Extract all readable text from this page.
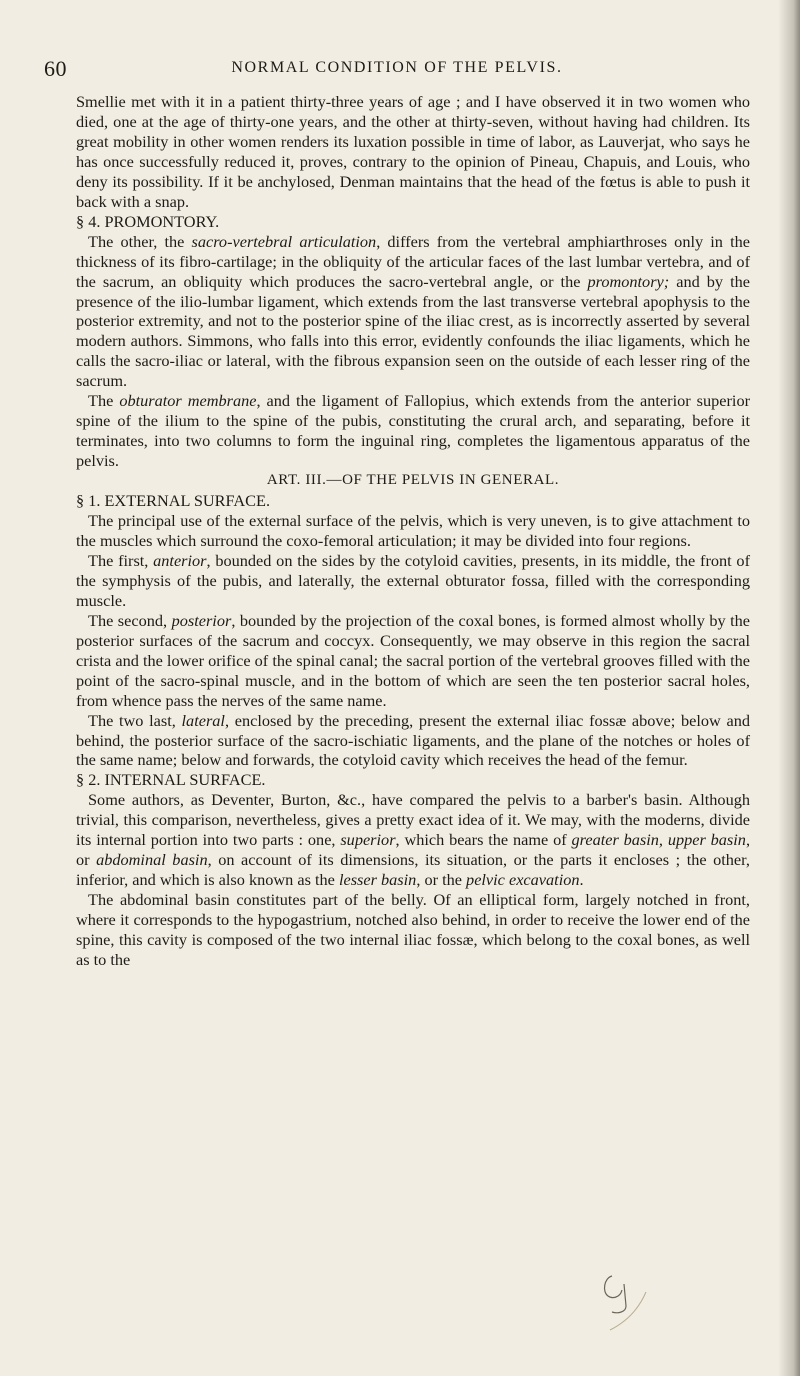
60	NORMAL CONDITION OF THE PELVIS.

Smellie met with it in a patient thirty-three years of age ; and I have observed it in two women who died, one at the age of thirty-one years, and the other at thirty-seven, without having had children. Its great mobility in other women renders its luxation possible in time of labor, as Lauverjat, who says he has once successfully reduced it, proves, contrary to the opinion of Pineau, Chapuis, and Louis, who deny its possibility. If it be anchylosed, Denman maintains that the head of the fœtus is able to push it back with a snap.

§ 4. PROMONTORY.

The other, the sacro-vertebral articulation, differs from the vertebral amphiarthroses only in the thickness of its fibro-cartilage; in the obliquity of the articular faces of the last lumbar vertebra, and of the sacrum, an obliquity which produces the sacro-vertebral angle, or the promontory; and by the presence of the ilio-lumbar ligament, which extends from the last transverse vertebral apophysis to the posterior extremity, and not to the posterior spine of the iliac crest, as is incorrectly asserted by several modern authors. Simmons, who falls into this error, evidently confounds the iliac ligaments, which he calls the sacro-iliac or lateral, with the fibrous expansion seen on the outside of each lesser ring of the sacrum.

The obturator membrane, and the ligament of Fallopius, which extends from the anterior superior spine of the ilium to the spine of the pubis, constituting the crural arch, and separating, before it terminates, into two columns to form the inguinal ring, completes the ligamentous apparatus of the pelvis.

ART. III.—OF THE PELVIS IN GENERAL.

§ 1. EXTERNAL SURFACE.

The principal use of the external surface of the pelvis, which is very uneven, is to give attachment to the muscles which surround the coxo-femoral articulation; it may be divided into four regions.

The first, anterior, bounded on the sides by the cotyloid cavities, presents, in its middle, the front of the symphysis of the pubis, and laterally, the external obturator fossa, filled with the corresponding muscle.

The second, posterior, bounded by the projection of the coxal bones, is formed almost wholly by the posterior surfaces of the sacrum and coccyx. Consequently, we may observe in this region the sacral crista and the lower orifice of the spinal canal; the sacral portion of the vertebral grooves filled with the point of the sacro-spinal muscle, and in the bottom of which are seen the ten posterior sacral holes, from whence pass the nerves of the same name.

The two last, lateral, enclosed by the preceding, present the external iliac fossæ above; below and behind, the posterior surface of the sacro-ischiatic ligaments, and the plane of the notches or holes of the same name; below and forwards, the cotyloid cavity which receives the head of the femur.

§ 2. INTERNAL SURFACE.

Some authors, as Deventer, Burton, &c., have compared the pelvis to a barber's basin. Although trivial, this comparison, nevertheless, gives a pretty exact idea of it. We may, with the moderns, divide its internal portion into two parts : one, superior, which bears the name of greater basin, upper basin, or abdominal basin, on account of its dimensions, its situation, or the parts it encloses ; the other, inferior, and which is also known as the lesser basin, or the pelvic excavation.

The abdominal basin constitutes part of the belly. Of an elliptical form, largely notched in front, where it corresponds to the hypogastrium, notched also behind, in order to receive the lower end of the spine, this cavity is composed of the two internal iliac fossæ, which belong to the coxal bones, as well as to the
